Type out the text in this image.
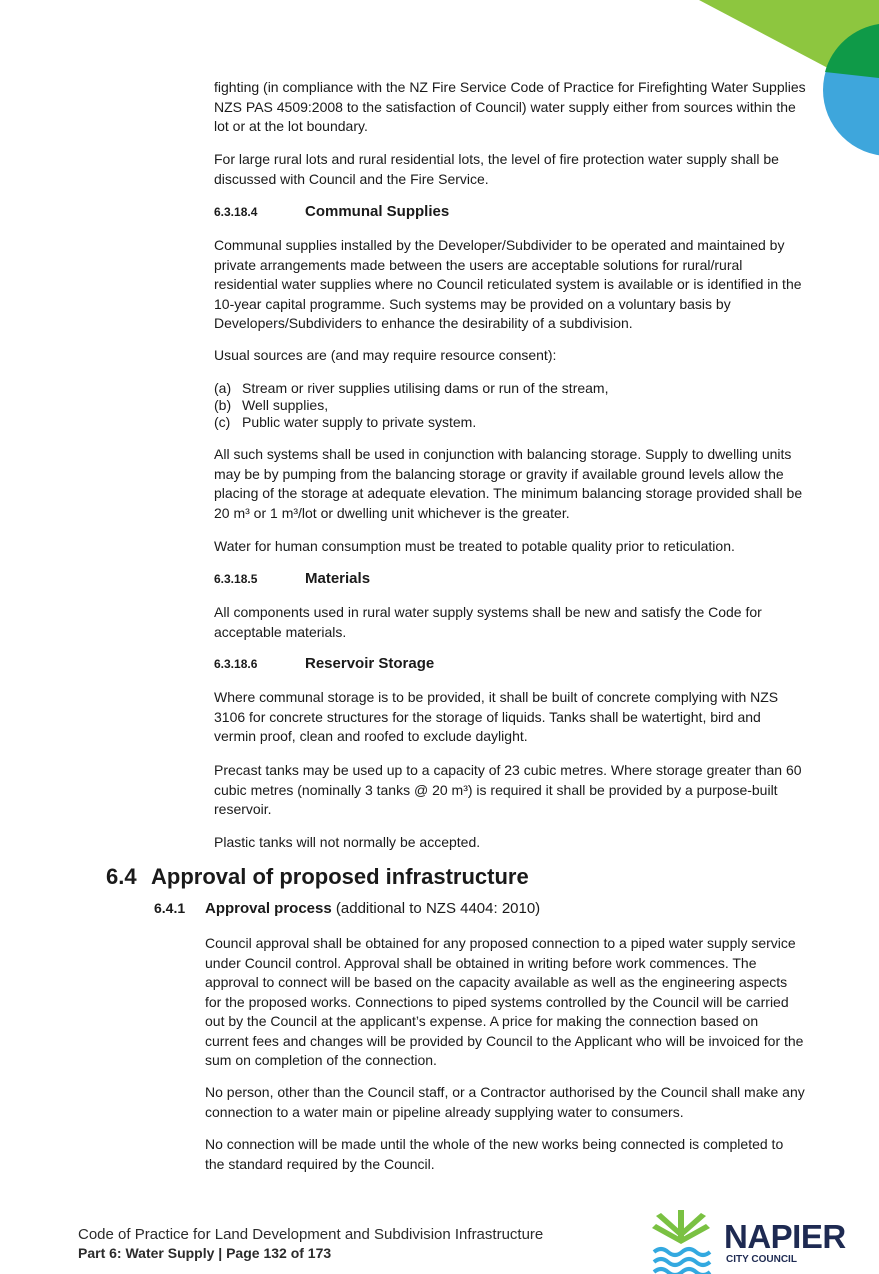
fighting (in compliance with the NZ Fire Service Code of Practice for Firefighting Water Supplies NZS PAS 4509:2008 to the satisfaction of Council) water supply either from sources within the lot or at the lot boundary.

For large rural lots and rural residential lots, the level of fire protection water supply shall be discussed with Council and the Fire Service.

6.3.18.4	Communal Supplies

Communal supplies installed by the Developer/Subdivider to be operated and maintained by private arrangements made between the users are acceptable solutions for rural/rural residential water supplies where no Council reticulated system is available or is identified in the 10-year capital programme. Such systems may be provided on a voluntary basis by Developers/Subdividers to enhance the desirability of a subdivision.

Usual sources are (and may require resource consent):

(a) Stream or river supplies utilising dams or run of the stream,
(b) Well supplies,
(c) Public water supply to private system.

All such systems shall be used in conjunction with balancing storage. Supply to dwelling units may be by pumping from the balancing storage or gravity if available ground levels allow the placing of the storage at adequate elevation. The minimum balancing storage provided shall be 20 m³ or 1 m³/lot or dwelling unit whichever is the greater.

Water for human consumption must be treated to potable quality prior to reticulation.

6.3.18.5	Materials

All components used in rural water supply systems shall be new and satisfy the Code for acceptable materials.

6.3.18.6	Reservoir Storage

Where communal storage is to be provided, it shall be built of concrete complying with NZS 3106 for concrete structures for the storage of liquids. Tanks shall be watertight, bird and vermin proof, clean and roofed to exclude daylight.

Precast tanks may be used up to a capacity of 23 cubic metres. Where storage greater than 60 cubic metres (nominally 3 tanks @ 20 m³) is required it shall be provided by a purpose-built reservoir.

Plastic tanks will not normally be accepted.

6.4 Approval of proposed infrastructure
6.4.1 Approval process (additional to NZS 4404: 2010)

Council approval shall be obtained for any proposed connection to a piped water supply service under Council control. Approval shall be obtained in writing before work commences. The approval to connect will be based on the capacity available as well as the engineering aspects for the proposed works. Connections to piped systems controlled by the Council will be carried out by the Council at the applicant’s expense. A price for making the connection based on current fees and changes will be provided by Council to the Applicant who will be invoiced for the sum on completion of the connection.

No person, other than the Council staff, or a Contractor authorised by the Council shall make any connection to a water main or pipeline already supplying water to consumers.

No connection will be made until the whole of the new works being connected is completed to the standard required by the Council.

Code of Practice for Land Development and Subdivision Infrastructure
Part 6: Water Supply | Page 132 of 173	NAPIER
CITY COUNCIL
